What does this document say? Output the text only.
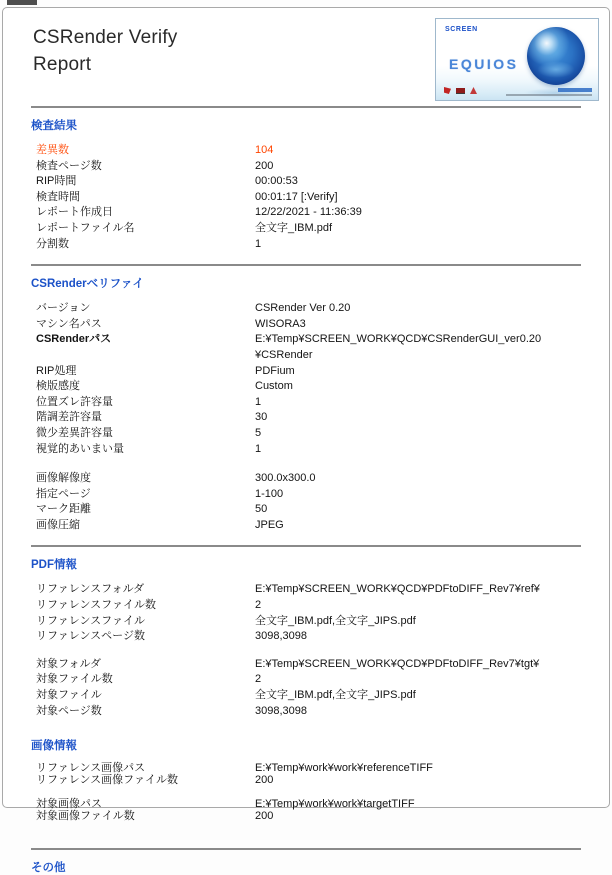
CSRender Verify
Report
SCREEN
EQUIOS
検査結果
差異数	104
検査ページ数	200
RIP時間	00:00:53
検査時間	00:01:17 [:Verify]
レポート作成日	12/22/2021 - 11:36:39
レポートファイル名	全文字_IBM.pdf
分割数	1
CSRenderベリファイ
バージョン	CSRender Ver 0.20
マシン名パス	WISORA3
CSRenderパス	E:¥Temp¥SCREEN_WORK¥QCD¥CSRenderGUI_ver0.20¥CSRender
RIP処理	PDFium
検版感度	Custom
位置ズレ許容量	1
階調差許容量	30
微少差異許容量	5
視覚的あいまい量	1
画像解像度	300.0x300.0
指定ページ	1-100
マーク距離	50
画像圧縮	JPEG
PDF情報
リファレンスフォルダ	E:¥Temp¥SCREEN_WORK¥QCD¥PDFtoDIFF_Rev7¥ref¥
リファレンスファイル数	2
リファレンスファイル	全文字_IBM.pdf,全文字_JIPS.pdf
リファレンスページ数	3098,3098
対象フォルダ	E:¥Temp¥SCREEN_WORK¥QCD¥PDFtoDIFF_Rev7¥tgt¥
対象ファイル数	2
対象ファイル	全文字_IBM.pdf,全文字_JIPS.pdf
対象ページ数	3098,3098
画像情報
リファレンス画像パス	E:¥Temp¥work¥work¥referenceTIFF
リファレンス画像ファイル数	200
対象画像パス	E:¥Temp¥work¥work¥targetTIFF
対象画像ファイル数	200
その他
